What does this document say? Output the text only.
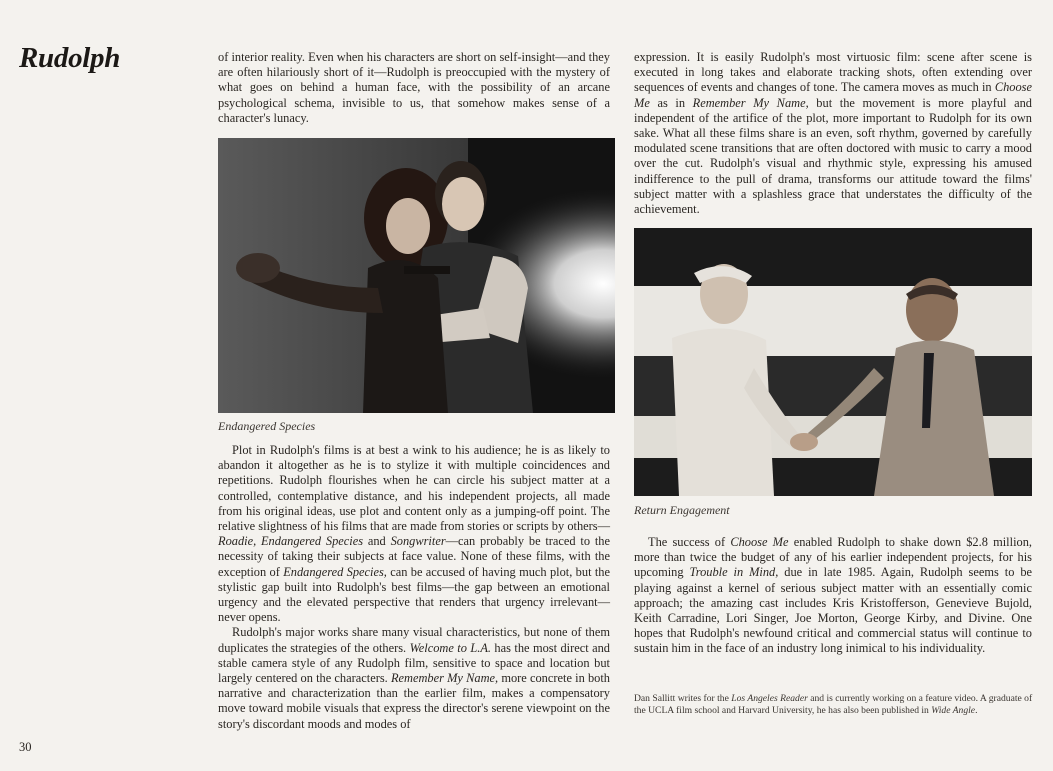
Rudolph	of interior reality. Even when his characters are short on self-insight—and they are often hilariously short of it—Rudolph is preoccupied with the mystery of what goes on behind a human face, with the possibility of an arcane psychological schema, invisible to us, that somehow makes sense of a character's lunacy.

Endangered Species

Plot in Rudolph's films is at best a wink to his audience; he is as likely to abandon it altogether as he is to stylize it with multiple coincidences and repetitions. Rudolph flourishes when he can circle his subject matter at a controlled, contemplative distance, and his independent projects, all made from his original ideas, use plot and content only as a jumping-off point. The relative slightness of his films that are made from stories or scripts by others—Roadie, Endangered Species and Songwriter—can probably be traced to the necessity of taking their subjects at face value. None of these films, with the exception of Endangered Species, can be accused of having much plot, but the stylistic gap built into Rudolph's best films—the gap between an emotional urgency and the elevated perspective that renders that urgency irrelevant—never opens.

Rudolph's major works share many visual characteristics, but none of them duplicates the strategies of the others. Welcome to L.A. has the most direct and stable camera style of any Rudolph film, sensitive to space and location but largely centered on the characters. Remember My Name, more concrete in both narrative and characterization than the earlier film, makes a compensatory move toward mobile visuals that express the director's serene viewpoint on the story's discordant moods and modes of

expression. It is easily Rudolph's most virtuosic film: scene after scene is executed in long takes and elaborate tracking shots, often extending over sequences of events and changes of tone. The camera moves as much in Choose Me as in Remember My Name, but the movement is more playful and independent of the artifice of the plot, more important to Rudolph for its own sake. What all these films share is an even, soft rhythm, governed by carefully modulated scene transitions that are often doctored with music to carry a mood over the cut. Rudolph's visual and rhythmic style, expressing his amused indifference to the pull of drama, transforms our attitude toward the films' subject matter with a splashless grace that understates the difficulty of the achievement.

Return Engagement

The success of Choose Me enabled Rudolph to shake down $2.8 million, more than twice the budget of any of his earlier independent projects, for his upcoming Trouble in Mind, due in late 1985. Again, Rudolph seems to be playing against a kernel of serious subject matter with an essentially comic approach; the amazing cast includes Kris Kristofferson, Genevieve Bujold, Keith Carradine, Lori Singer, Joe Morton, George Kirby, and Divine. One hopes that Rudolph's newfound critical and commercial status will continue to sustain him in the face of an industry long inimical to his individuality.

Dan Sallitt writes for the Los Angeles Reader and is currently working on a feature video. A graduate of the UCLA film school and Harvard University, he has also been published in Wide Angle.
30
